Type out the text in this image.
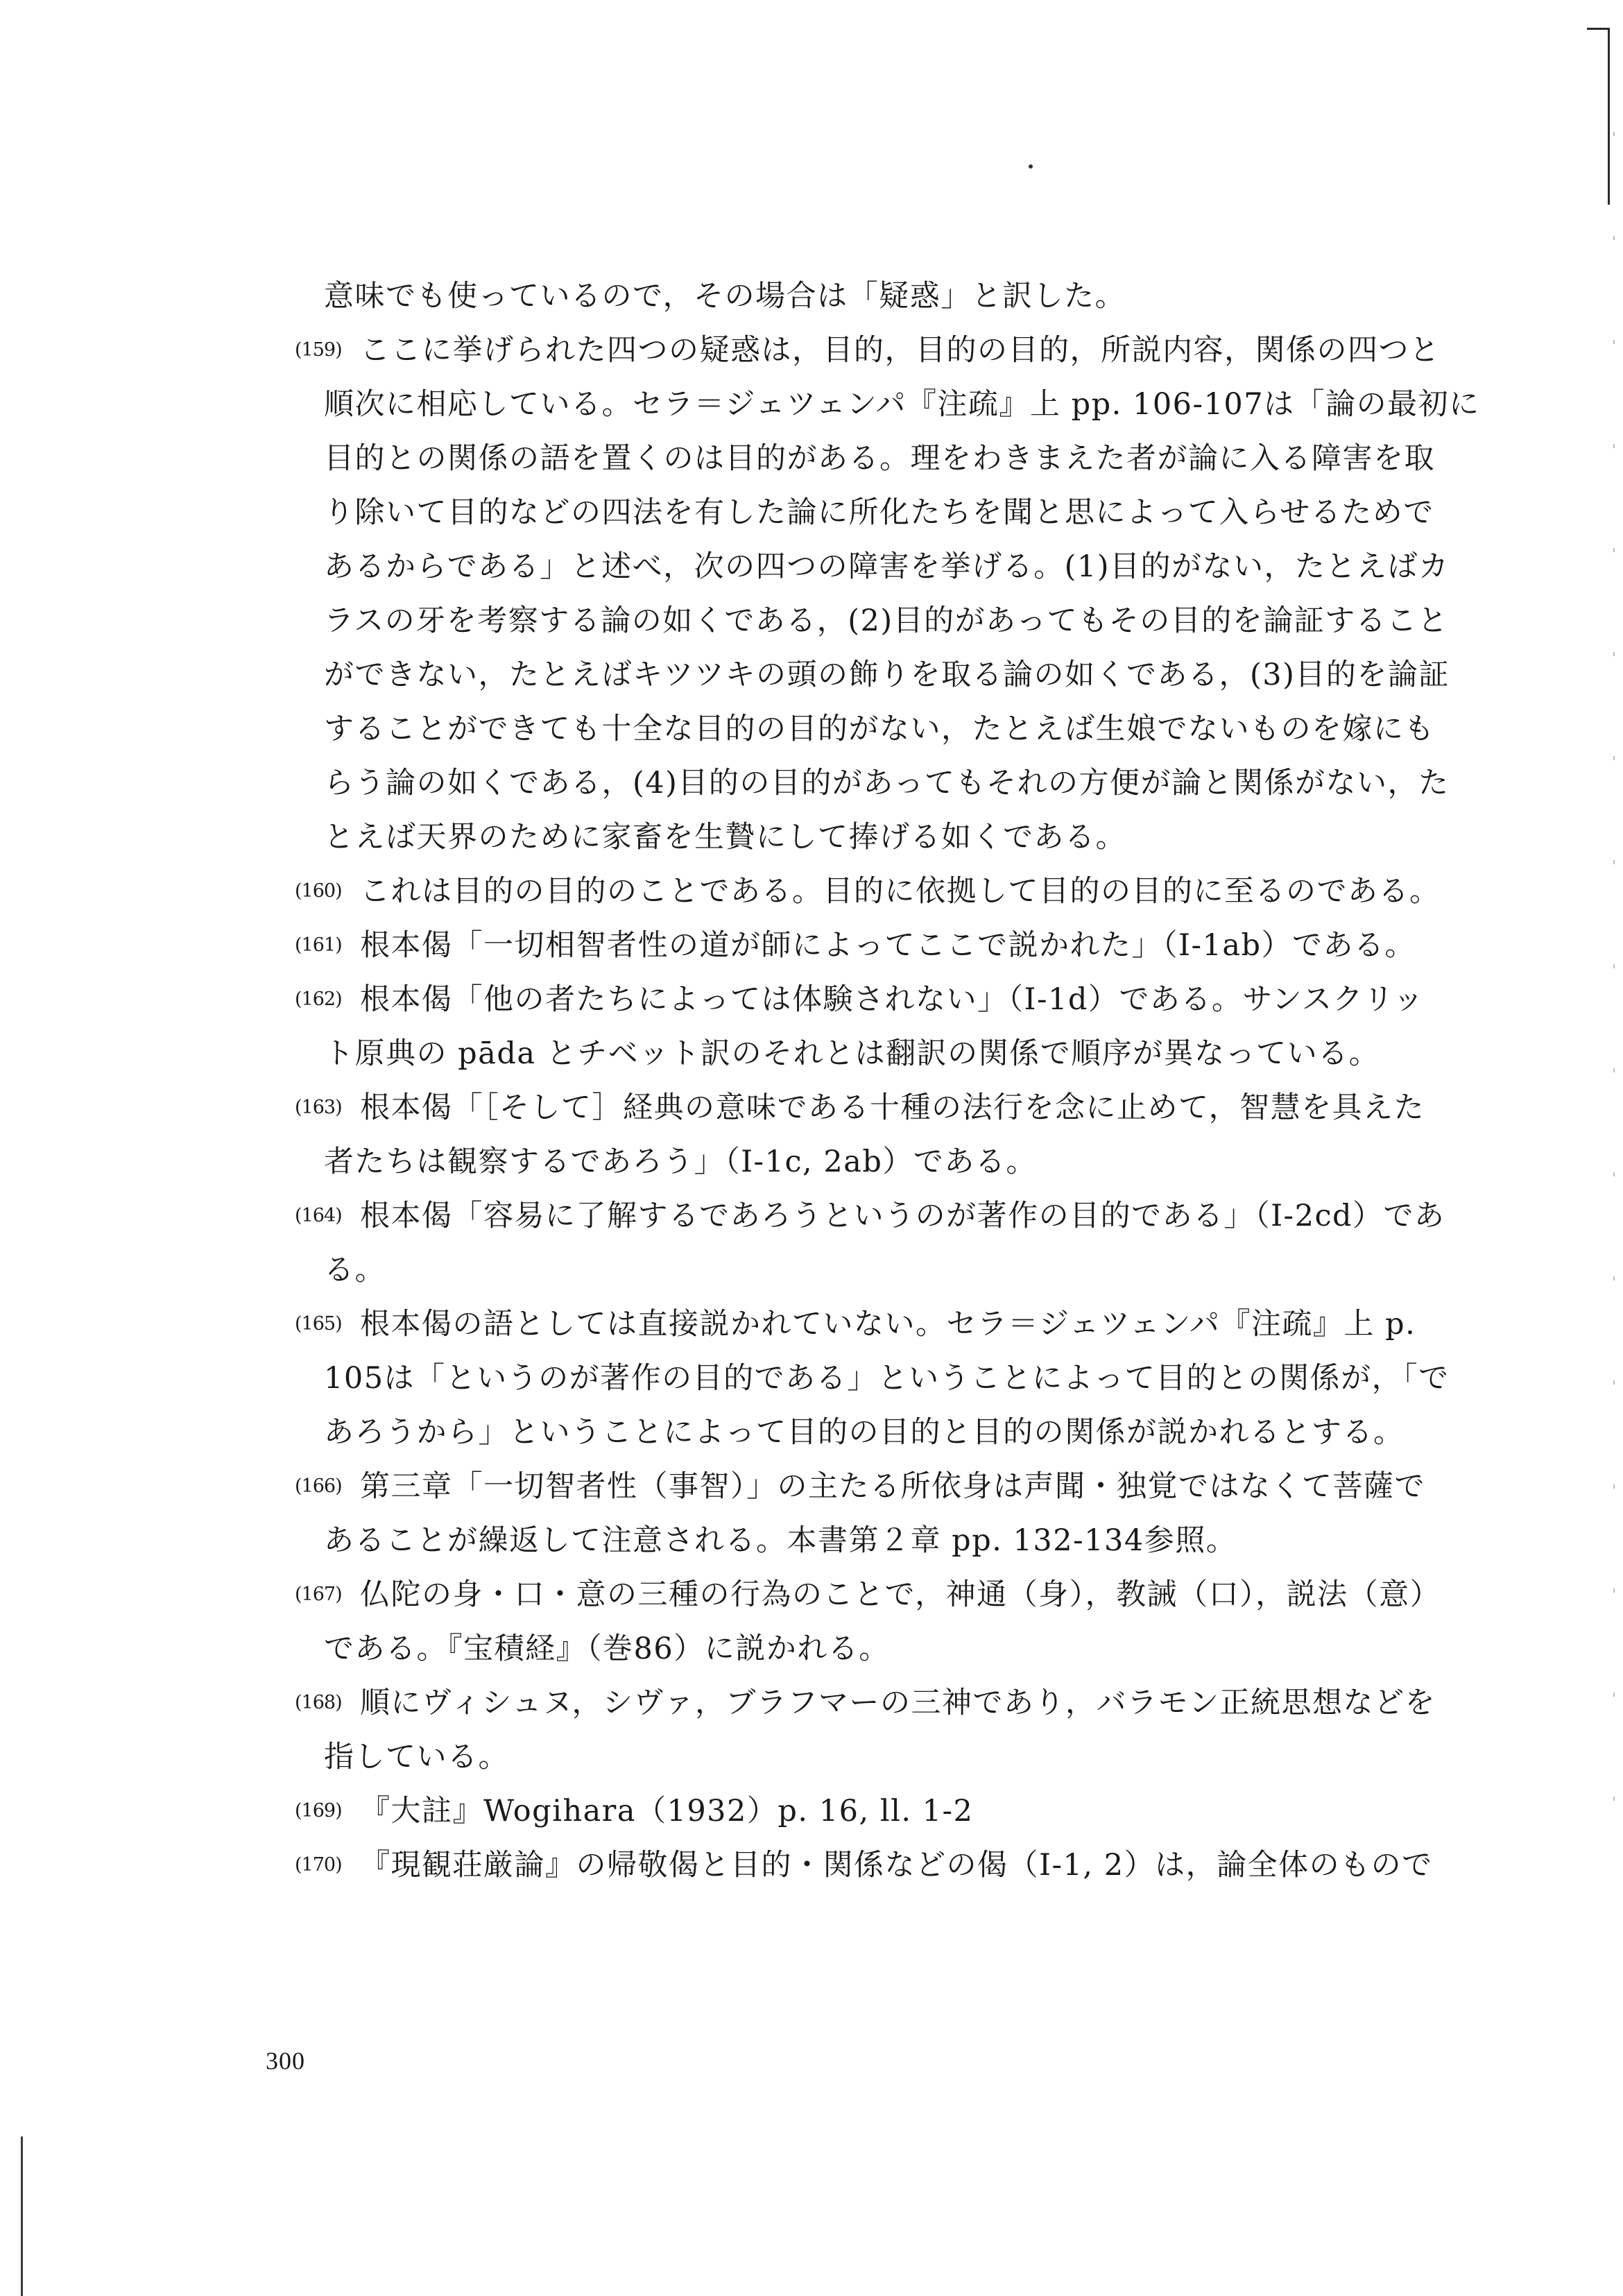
意味でも使っているので，その場合は「疑惑」と訳した。
(159) ここに挙げられた四つの疑惑は，目的，目的の目的，所説内容，関係の四つと
順次に相応している。セラ＝ジェツェンパ『注疏』上 pp. 106-107は「論の最初に
目的との関係の語を置くのは目的がある。理をわきまえた者が論に入る障害を取
り除いて目的などの四法を有した論に所化たちを聞と思によって入らせるためで
あるからである」と述べ，次の四つの障害を挙げる。(1)目的がない，たとえばカ
ラスの牙を考察する論の如くである，(2)目的があってもその目的を論証すること
ができない，たとえばキツツキの頭の飾りを取る論の如くである，(3)目的を論証
することができても十全な目的の目的がない，たとえば生娘でないものを嫁にも
らう論の如くである，(4)目的の目的があってもそれの方便が論と関係がない，た
とえば天界のために家畜を生贄にして捧げる如くである。
(160) これは目的の目的のことである。目的に依拠して目的の目的に至るのである。
(161) 根本偈「一切相智者性の道が師によってここで説かれた」（I-1ab）である。
(162) 根本偈「他の者たちによっては体験されない」（I-1d）である。サンスクリッ
ト原典の pāda とチベット訳のそれとは翻訳の関係で順序が異なっている。
(163) 根本偈「［そして］経典の意味である十種の法行を念に止めて，智慧を具えた
者たちは観察するであろう」（I-1c, 2ab）である。
(164) 根本偈「容易に了解するであろうというのが著作の目的である」（I-2cd）であ
る。
(165) 根本偈の語としては直接説かれていない。セラ＝ジェツェンパ『注疏』上 p.
105は「というのが著作の目的である」ということによって目的との関係が，「で
あろうから」ということによって目的の目的と目的の関係が説かれるとする。
(166) 第三章「一切智者性（事智）」の主たる所依身は声聞・独覚ではなくて菩薩で
あることが繰返して注意される。本書第２章 pp. 132-134参照。
(167) 仏陀の身・口・意の三種の行為のことで，神通（身），教誡（口），説法（意）
である。『宝積経』（巻86）に説かれる。
(168) 順にヴィシュヌ，シヴァ，ブラフマーの三神であり，バラモン正統思想などを
指している。
(169) 『大註』Wogihara（1932）p. 16, ll. 1-2
(170) 『現観荘厳論』の帰敬偈と目的・関係などの偈（I-1, 2）は，論全体のもので
300
